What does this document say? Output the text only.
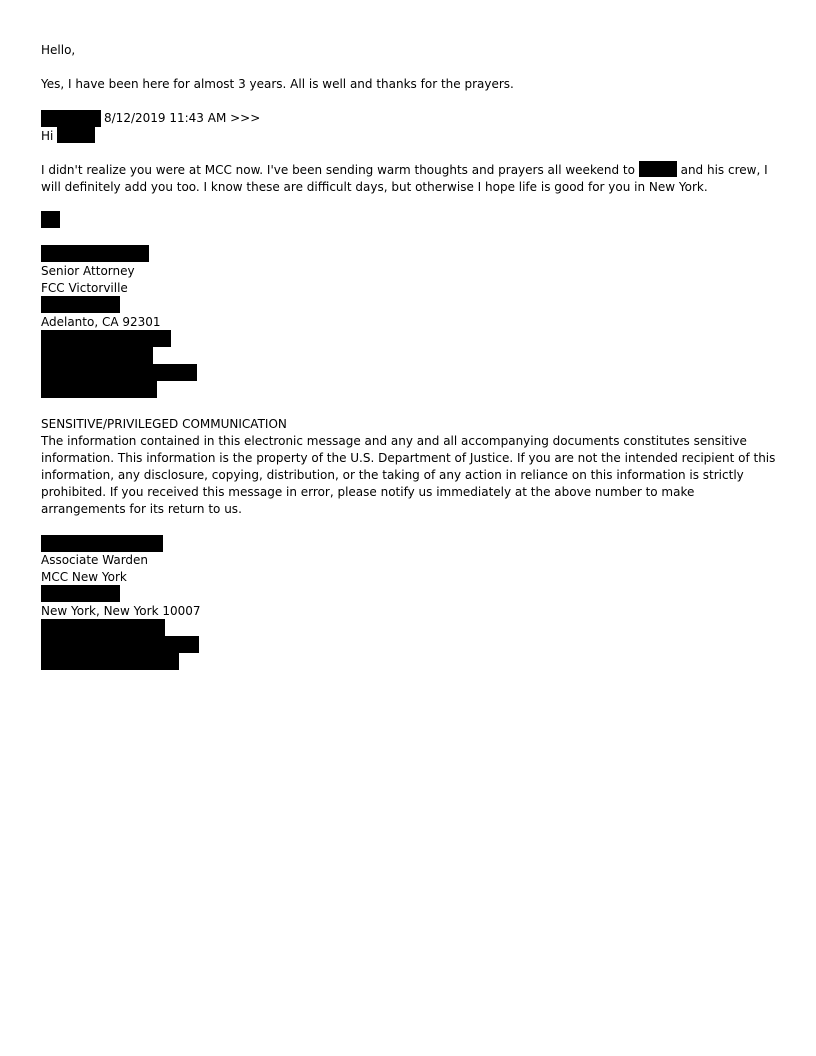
Hello,
Yes, I have been here for almost 3 years. All is well and thanks for the prayers.
8/12/2019 11:43 AM >>>
Hi
I didn't realize you were at MCC now. I've been sending warm thoughts and prayers all weekend to	and his crew, I will definitely add you too. I know these are difficult days, but otherwise I hope life is good for you in New York.
Senior Attorney
FCC Victorville
Adelanto, CA 92301
SENSITIVE/PRIVILEGED COMMUNICATION
The information contained in this electronic message and any and all accompanying documents constitutes sensitive information. This information is the property of the U.S. Department of Justice. If you are not the intended recipient of this information, any disclosure, copying, distribution, or the taking of any action in reliance on this information is strictly prohibited. If you received this message in error, please notify us immediately at the above number to make arrangements for its return to us.
Associate Warden
MCC New York
New York, New York 10007
